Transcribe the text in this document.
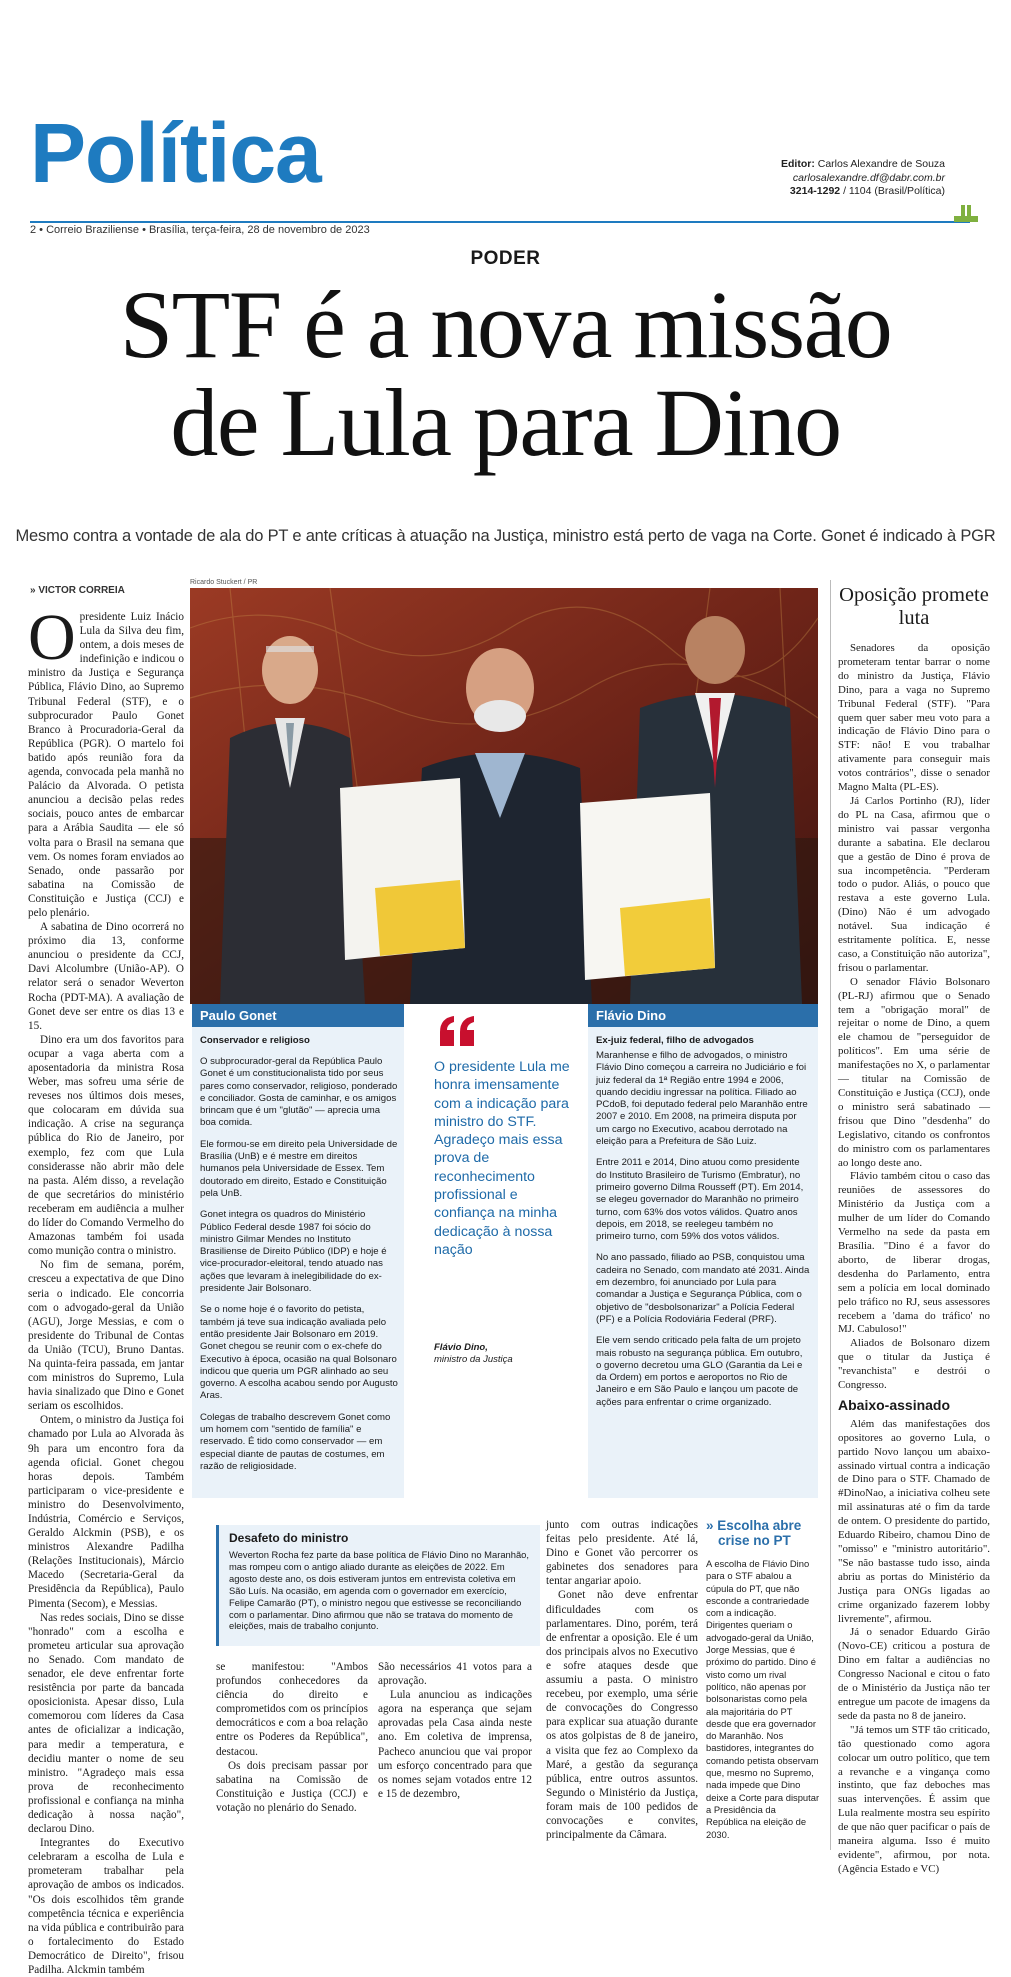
Política
2 • Correio Braziliense • Brasília, terça-feira, 28 de novembro de 2023
Editor: Carlos Alexandre de Souza
carlosalexandre.df@dabr.com.br
3214-1292 / 1104 (Brasil/Política)
PODER
STF é a nova missão
de Lula para Dino
Mesmo contra a vontade de ala do PT e ante críticas à atuação na Justiça, ministro está perto de vaga na Corte. Gonet é indicado à PGR
» VICTOR CORREIA
O presidente Luiz Inácio Lula da Silva deu fim, ontem, a dois meses de indefinição e indicou o ministro da Justiça e Segurança Pública, Flávio Dino, ao Supremo Tribunal Federal (STF), e o subprocurador Paulo Gonet Branco à Procuradoria-Geral da República (PGR). O martelo foi batido após reunião fora da agenda, convocada pela manhã no Palácio da Alvorada. O petista anunciou a decisão pelas redes sociais, pouco antes de embarcar para a Arábia Saudita — ele só volta para o Brasil na semana que vem. Os nomes foram enviados ao Senado, onde passarão por sabatina na Comissão de Constituição e Justiça (CCJ) e pelo plenário.

A sabatina de Dino ocorrerá no próximo dia 13, conforme anunciou o presidente da CCJ, Davi Alcolumbre (União-AP). O relator será o senador Weverton Rocha (PDT-MA). A avaliação de Gonet deve ser entre os dias 13 e 15.

Dino era um dos favoritos para ocupar a vaga aberta com a aposentadoria da ministra Rosa Weber, mas sofreu uma série de reveses nos últimos dois meses, que colocaram em dúvida sua indicação. A crise na segurança pública do Rio de Janeiro, por exemplo, fez com que Lula considerasse não abrir mão dele na pasta. Além disso, a revelação de que secretários do ministério receberam em audiência a mulher do líder do Comando Vermelho do Amazonas também foi usada como munição contra o ministro.

No fim de semana, porém, cresceu a expectativa de que Dino seria o indicado. Ele concorria com o advogado-geral da União (AGU), Jorge Messias, e com o presidente do Tribunal de Contas da União (TCU), Bruno Dantas. Na quinta-feira passada, em jantar com ministros do Supremo, Lula havia sinalizado que Dino e Gonet seriam os escolhidos.

Ontem, o ministro da Justiça foi chamado por Lula ao Alvorada às 9h para um encontro fora da agenda oficial. Gonet chegou horas depois. Também participaram o vice-presidente e ministro do Desenvolvimento, Indústria, Comércio e Serviços, Geraldo Alckmin (PSB), e os ministros Alexandre Padilha (Relações Institucionais), Márcio Macedo (Secretaria-Geral da Presidência da República), Paulo Pimenta (Secom), e Messias.

Nas redes sociais, Dino se disse "honrado" com a escolha e prometeu articular sua aprovação no Senado. Com mandato de senador, ele deve enfrentar forte resistência por parte da bancada oposicionista. Apesar disso, Lula comemorou com líderes da Casa antes de oficializar a indicação, para medir a temperatura, e decidiu manter o nome de seu ministro. "Agradeço mais essa prova de reconhecimento profissional e confiança na minha dedicação à nossa nação", declarou Dino.

Integrantes do Executivo celebraram a escolha de Lula e prometeram trabalhar pela aprovação de ambos os indicados. "Os dois escolhidos têm grande competência técnica e experiência na vida pública e contribuirão para o fortalecimento do Estado Democrático de Direito", frisou Padilha. Alckmin também

Ricardo Stuckert / PR
Paulo Gonet
Conservador e religioso

O subprocurador-geral da República Paulo Gonet é um constitucionalista tido por seus pares como conservador, religioso, ponderado e conciliador. Gosta de caminhar, e os amigos brincam que é um "glutão" — aprecia uma boa comida.

Ele formou-se em direito pela Universidade de Brasília (UnB) e é mestre em direitos humanos pela Universidade de Essex. Tem doutorado em direito, Estado e Constituição pela UnB.

Gonet integra os quadros do Ministério Público Federal desde 1987 foi sócio do ministro Gilmar Mendes no Instituto Brasiliense de Direito Público (IDP) e hoje é vice-procurador-eleitoral, tendo atuado nas ações que levaram à inelegibilidade do ex-presidente Jair Bolsonaro.

Se o nome hoje é o favorito do petista, também já teve sua indicação avaliada pelo então presidente Jair Bolsonaro em 2019. Gonet chegou se reunir com o ex-chefe do Executivo à época, ocasião na qual Bolsonaro indicou que queria um PGR alinhado ao seu governo. A escolha acabou sendo por Augusto Aras.

Colegas de trabalho descrevem Gonet como um homem com "sentido de família" e reservado. É tido como conservador — em especial diante de pautas de costumes, em razão de religiosidade.

O presidente Lula me honra imensamente com a indicação para ministro do STF. Agradeço mais essa prova de reconhecimento profissional e confiança na minha dedicação à nossa nação
Flávio Dino,
ministro da Justiça
Flávio Dino
Ex-juiz federal, filho de advogados

Maranhense e filho de advogados, o ministro Flávio Dino começou a carreira no Judiciário e foi juiz federal da 1ª Região entre 1994 e 2006, quando decidiu ingressar na política. Filiado ao PCdoB, foi deputado federal pelo Maranhão entre 2007 e 2010. Em 2008, na primeira disputa por um cargo no Executivo, acabou derrotado na eleição para a Prefeitura de São Luiz.

Entre 2011 e 2014, Dino atuou como presidente do Instituto Brasileiro de Turismo (Embratur), no primeiro governo Dilma Rousseff (PT). Em 2014, se elegeu governador do Maranhão no primeiro turno, com 63% dos votos válidos. Quatro anos depois, em 2018, se reelegeu também no primeiro turno, com 59% dos votos válidos.

No ano passado, filiado ao PSB, conquistou uma cadeira no Senado, com mandato até 2031. Ainda em dezembro, foi anunciado por Lula para comandar a Justiça e Segurança Pública, com o objetivo de "desbolsonarizar" a Polícia Federal (PF) e a Polícia Rodoviária Federal (PRF).

Ele vem sendo criticado pela falta de um projeto mais robusto na segurança pública. Em outubro, o governo decretou uma GLO (Garantia da Lei e da Ordem) em portos e aeroportos no Rio de Janeiro e em São Paulo e lançou um pacote de ações para enfrentar o crime organizado.

Desafeto do ministro
Weverton Rocha fez parte da base política de Flávio Dino no Maranhão, mas rompeu com o antigo aliado durante as eleições de 2022. Em agosto deste ano, os dois estiveram juntos em entrevista coletiva em São Luís. Na ocasião, em agenda com o governador em exercício, Felipe Camarão (PT), o ministro negou que estivesse se reconciliando com o parlamentar. Dino afirmou que não se tratava do momento de eleições, mais de trabalho conjunto.

se manifestou: "Ambos profundos conhecedores da ciência do direito e comprometidos com os princípios democráticos e com a boa relação entre os Poderes da República", destacou.

Os dois precisam passar por sabatina na Comissão de Constituição e Justiça (CCJ) e votação no plenário do Senado.

São necessários 41 votos para a aprovação.

Lula anunciou as indicações agora na esperança que sejam aprovadas pela Casa ainda neste ano. Em coletiva de imprensa, Pacheco anunciou que vai propor um esforço concentrado para que os nomes sejam votados entre 12 e 15 de dezembro,

junto com outras indicações feitas pelo presidente. Até lá, Dino e Gonet vão percorrer os gabinetes dos senadores para tentar angariar apoio.

Gonet não deve enfrentar dificuldades com os parlamentares. Dino, porém, terá de enfrentar a oposição. Ele é um dos principais alvos no Executivo e sofre ataques desde que assumiu a pasta. O ministro recebeu, por exemplo, uma série de convocações do Congresso para explicar sua atuação durante os atos golpistas de 8 de janeiro, a visita que fez ao Complexo da Maré, a gestão da segurança pública, entre outros assuntos. Segundo o Ministério da Justiça, foram mais de 100 pedidos de convocações e convites, principalmente da Câmara.

» Escolha abre
crise no PT
A escolha de Flávio Dino para o STF abalou a cúpula do PT, que não esconde a contrariedade com a indicação. Dirigentes queriam o advogado-geral da União, Jorge Messias, que é próximo do partido. Dino é visto como um rival político, não apenas por bolsonaristas como pela ala majoritária do PT desde que era governador do Maranhão. Nos bastidores, integrantes do comando petista observam que, mesmo no Supremo, nada impede que Dino deixe a Corte para disputar a Presidência da República na eleição de 2030.
Oposição promete luta

Senadores da oposição prometeram tentar barrar o nome do ministro da Justiça, Flávio Dino, para a vaga no Supremo Tribunal Federal (STF). "Para quem quer saber meu voto para a indicação de Flávio Dino para o STF: não! E vou trabalhar ativamente para conseguir mais votos contrários", disse o senador Magno Malta (PL-ES).

Já Carlos Portinho (RJ), líder do PL na Casa, afirmou que o ministro vai passar vergonha durante a sabatina. Ele declarou que a gestão de Dino é prova de sua incompetência. "Perderam todo o pudor. Aliás, o pouco que restava a este governo Lula. (Dino) Não é um advogado notável. Sua indicação é estritamente política. E, nesse caso, a Constituição não autoriza", frisou o parlamentar.

O senador Flávio Bolsonaro (PL-RJ) afirmou que o Senado tem a "obrigação moral" de rejeitar o nome de Dino, a quem ele chamou de "perseguidor de políticos". Em uma série de manifestações no X, o parlamentar — titular na Comissão de Constituição e Justiça (CCJ), onde o ministro será sabatinado — frisou que Dino "desdenha" do Legislativo, citando os confrontos do ministro com os parlamentares ao longo deste ano.

Flávio também citou o caso das reuniões de assessores do Ministério da Justiça com a mulher de um líder do Comando Vermelho na sede da pasta em Brasília. "Dino é a favor do aborto, de liberar drogas, desdenha do Parlamento, entra sem a polícia em local dominado pelo tráfico no RJ, seus assessores recebem a 'dama do tráfico' no MJ. Cabuloso!"

Aliados de Bolsonaro dizem que o titular da Justiça é "revanchista" e destrói o Congresso.

Abaixo-assinado

Além das manifestações dos opositores ao governo Lula, o partido Novo lançou um abaixo-assinado virtual contra a indicação de Dino para o STF. Chamado de #DinoNao, a iniciativa colheu sete mil assinaturas até o fim da tarde de ontem. O presidente do partido, Eduardo Ribeiro, chamou Dino de "omisso" e "ministro autoritário". "Se não bastasse tudo isso, ainda abriu as portas do Ministério da Justiça para ONGs ligadas ao crime organizado fazerem lobby livremente", afirmou.

Já o senador Eduardo Girão (Novo-CE) criticou a postura de Dino em faltar a audiências no Congresso Nacional e citou o fato de o Ministério da Justiça não ter entregue um pacote de imagens da sede da pasta no 8 de janeiro.

"Já temos um STF tão criticado, tão questionado como agora colocar um outro político, que tem a revanche e a vingança como instinto, que faz deboches mas suas intervenções. É assim que Lula realmente mostra seu espírito de que não quer pacificar o país de maneira alguma. Isso é muito evidente", afirmou, por nota. (Agência Estado e VC)
